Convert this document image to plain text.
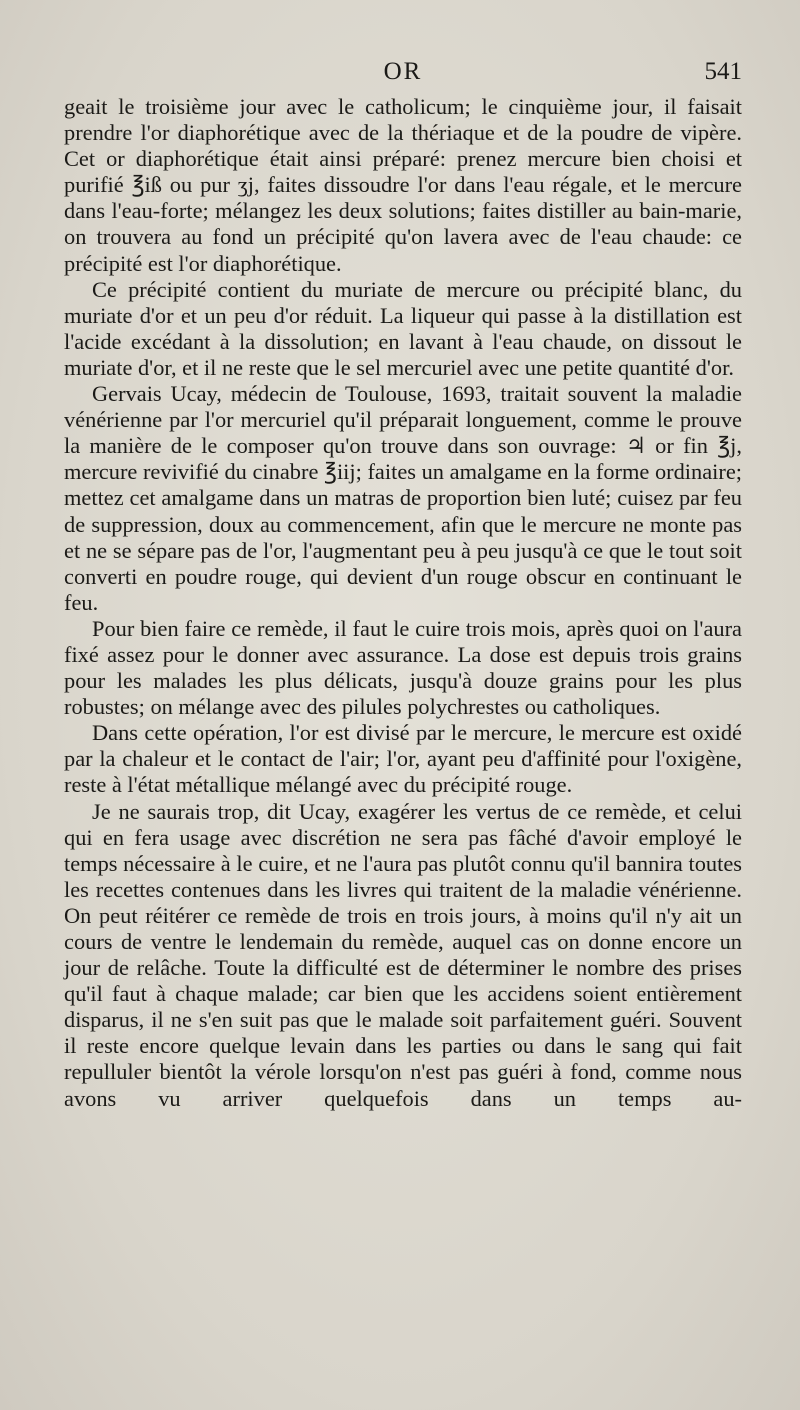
OR	541

geait le troisième jour avec le catholicum; le cinquième jour, il faisait prendre l'or diaphorétique avec de la thériaque et de la poudre de vipère. Cet or diaphorétique était ainsi préparé: prenez mercure bien choisi et purifié ℥iß ou pur ʒj, faites dissoudre l'or dans l'eau régale, et le mercure dans l'eau-forte; mélangez les deux solutions; faites distiller au bain-marie, on trouvera au fond un précipité qu'on lavera avec de l'eau chaude: ce précipité est l'or diaphorétique.

Ce précipité contient du muriate de mercure ou précipité blanc, du muriate d'or et un peu d'or réduit. La liqueur qui passe à la distillation est l'acide excédant à la dissolution; en lavant à l'eau chaude, on dissout le muriate d'or, et il ne reste que le sel mercuriel avec une petite quantité d'or.

Gervais Ucay, médecin de Toulouse, 1693, traitait souvent la maladie vénérienne par l'or mercuriel qu'il préparait longuement, comme le prouve la manière de le composer qu'on trouve dans son ouvrage: ♃ or fin ℥j, mercure revivifié du cinabre ℥iij; faites un amalgame en la forme ordinaire; mettez cet amalgame dans un matras de proportion bien luté; cuisez par feu de suppression, doux au commencement, afin que le mercure ne monte pas et ne se sépare pas de l'or, l'augmentant peu à peu jusqu'à ce que le tout soit converti en poudre rouge, qui devient d'un rouge obscur en continuant le feu.

Pour bien faire ce remède, il faut le cuire trois mois, après quoi on l'aura fixé assez pour le donner avec assurance. La dose est depuis trois grains pour les malades les plus délicats, jusqu'à douze grains pour les plus robustes; on mélange avec des pilules polychrestes ou catholiques.

Dans cette opération, l'or est divisé par le mercure, le mercure est oxidé par la chaleur et le contact de l'air; l'or, ayant peu d'affinité pour l'oxigène, reste à l'état métallique mélangé avec du précipité rouge.

Je ne saurais trop, dit Ucay, exagérer les vertus de ce remède, et celui qui en fera usage avec discrétion ne sera pas fâché d'avoir employé le temps nécessaire à le cuire, et ne l'aura pas plutôt connu qu'il bannira toutes les recettes contenues dans les livres qui traitent de la maladie vénérienne. On peut réitérer ce remède de trois en trois jours, à moins qu'il n'y ait un cours de ventre le lendemain du remède, auquel cas on donne encore un jour de relâche. Toute la difficulté est de déterminer le nombre des prises qu'il faut à chaque malade; car bien que les accidens soient entièrement disparus, il ne s'en suit pas que le malade soit parfaitement guéri. Souvent il reste encore quelque levain dans les parties ou dans le sang qui fait repulluler bientôt la vérole lorsqu'on n'est pas guéri à fond, comme nous avons vu arriver quelquefois dans un temps au-
